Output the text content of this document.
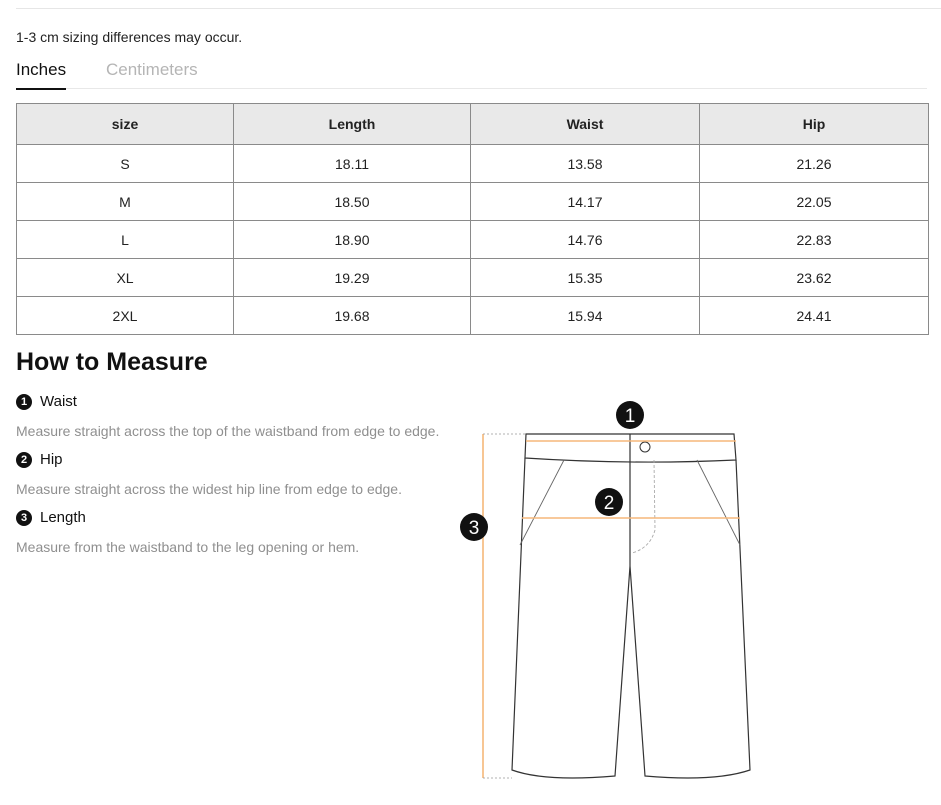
1-3 cm sizing differences may occur.
Inches Centimeters
size	Length	Waist	Hip
S	18.11	13.58	21.26
M	18.50	14.17	22.05
L	18.90	14.76	22.83
XL	19.29	15.35	23.62
2XL	19.68	15.94	24.41
How to Measure
1 Waist
Measure straight across the top of the waistband from edge to edge.
2 Hip
Measure straight across the widest hip line from edge to edge.
3 Length
Measure from the waistband to the leg opening or hem.
1
2
3
